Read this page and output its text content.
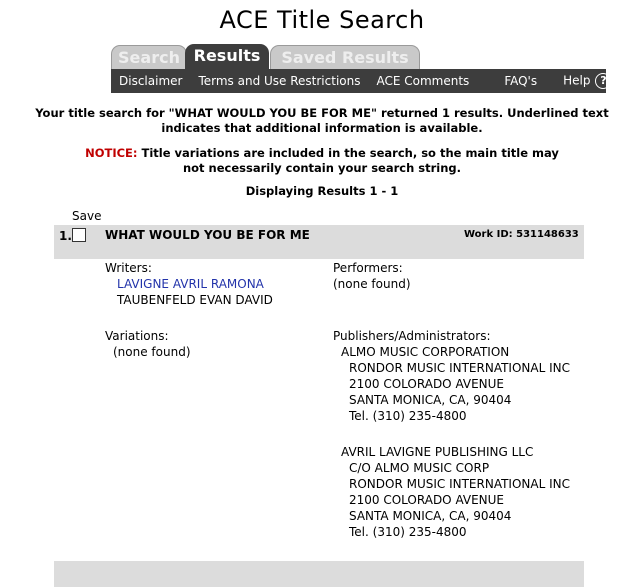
ACE Title Search
Search Results	Saved Results
Disclaimer	Terms and Use Restrictions	ACE Comments	FAQ's	Help ?
Your title search for "WHAT WOULD YOU BE FOR ME" returned 1 results. Underlined text
indicates that additional information is available.
NOTICE: Title variations are included in the search, so the main title may
not necessarily contain your search string.
Displaying Results 1 - 1
Save
1.	WHAT WOULD YOU BE FOR ME	Work ID: 531148633
Writers:
LAVIGNE AVRIL RAMONA
TAUBENFELD EVAN DAVID
Performers:
(none found)
Variations:
(none found)
Publishers/Administrators:
ALMO MUSIC CORPORATION
RONDOR MUSIC INTERNATIONAL INC
2100 COLORADO AVENUE
SANTA MONICA, CA, 90404
Tel. (310) 235-4800
AVRIL LAVIGNE PUBLISHING LLC
C/O ALMO MUSIC CORP
RONDOR MUSIC INTERNATIONAL INC
2100 COLORADO AVENUE
SANTA MONICA, CA, 90404
Tel. (310) 235-4800
